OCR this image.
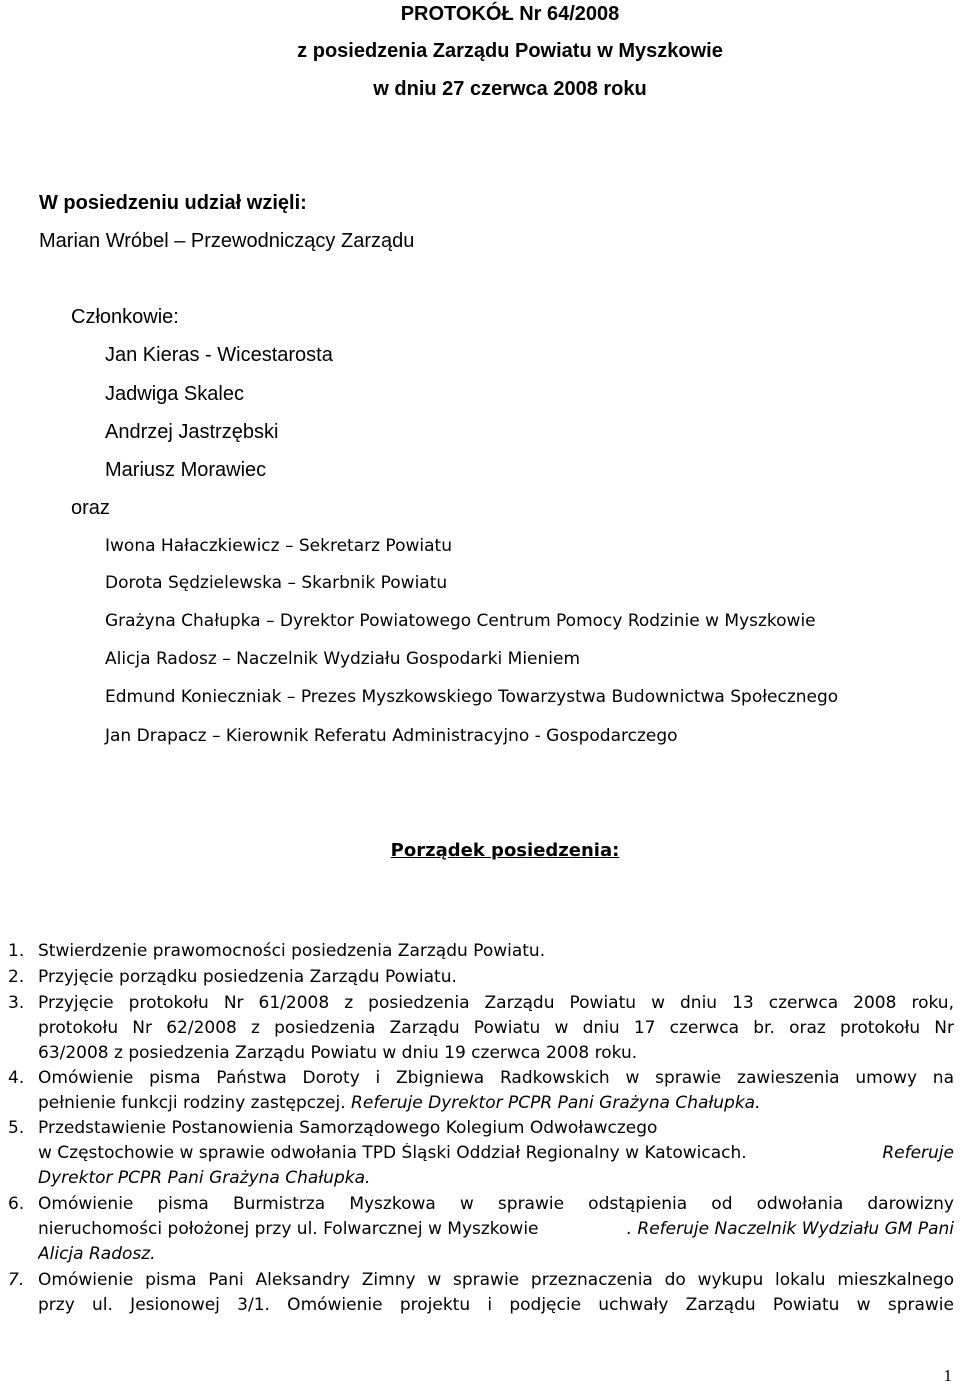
PROTOKÓŁ Nr 64/2008
z posiedzenia Zarządu Powiatu w Myszkowie
w dniu 27 czerwca 2008 roku
W posiedzeniu udział wzięli:
Marian Wróbel – Przewodniczący Zarządu
Członkowie:
Jan Kieras - Wicestarosta
Jadwiga Skalec
Andrzej Jastrzębski
Mariusz Morawiec
oraz
Iwona Hałaczkiewicz – Sekretarz Powiatu
Dorota Sędzielewska – Skarbnik Powiatu
Grażyna Chałupka – Dyrektor Powiatowego Centrum Pomocy Rodzinie w Myszkowie
Alicja Radosz – Naczelnik Wydziału Gospodarki Mieniem
Edmund Konieczniak – Prezes Myszkowskiego Towarzystwa Budownictwa Społecznego
Jan Drapacz – Kierownik Referatu Administracyjno - Gospodarczego
Porządek posiedzenia:
1. Stwierdzenie prawomocności posiedzenia Zarządu Powiatu.
2. Przyjęcie porządku posiedzenia Zarządu Powiatu.
3. Przyjęcie protokołu Nr 61/2008 z posiedzenia Zarządu Powiatu w dniu 13 czerwca 2008 roku,
protokołu Nr 62/2008 z posiedzenia Zarządu Powiatu w dniu 17 czerwca br. oraz protokołu Nr
63/2008 z posiedzenia Zarządu Powiatu w dniu 19 czerwca 2008 roku.
4. Omówienie pisma Państwa Doroty i Zbigniewa Radkowskich w sprawie zawieszenia umowy na
pełnienie funkcji rodziny zastępczej. Referuje Dyrektor PCPR Pani Grażyna Chałupka.
5. Przedstawienie Postanowienia Samorządowego Kolegium Odwoławczego
w Częstochowie w sprawie odwołania TPD Śląski Oddział Regionalny w Katowicach.	Referuje
Dyrektor PCPR Pani Grażyna Chałupka.
6. Omówienie pisma Burmistrza Myszkowa w sprawie odstąpienia od odwołania darowizny
nieruchomości położonej przy ul. Folwarcznej w Myszkowie	. Referuje Naczelnik Wydziału GM Pani
Alicja Radosz.
7. Omówienie pisma Pani Aleksandry Zimny w sprawie przeznaczenia do wykupu lokalu mieszkalnego
przy ul. Jesionowej 3/1. Omówienie projektu i podjęcie uchwały Zarządu Powiatu w sprawie
1
